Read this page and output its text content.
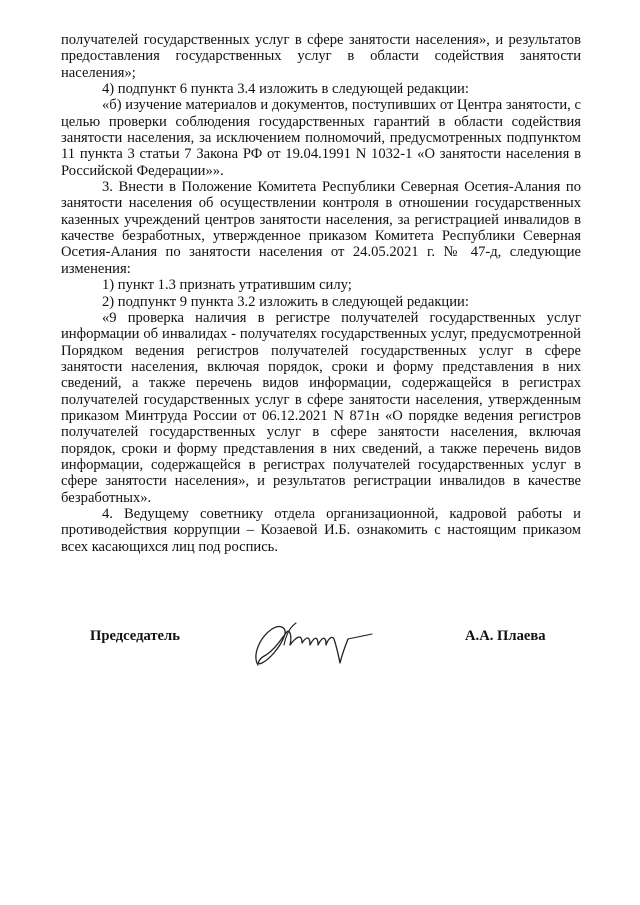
получателей государственных услуг в сфере занятости населения», и результатов предоставления государственных услуг в области содействия занятости населения»;

4) подпункт 6 пункта 3.4 изложить в следующей редакции:

«б) изучение материалов и документов, поступивших от Центра занятости, с целью проверки соблюдения государственных гарантий в области содействия занятости населения, за исключением полномочий, предусмотренных подпунктом 11 пункта 3 статьи 7 Закона РФ от 19.04.1991 N 1032-1 «О занятости населения в Российской Федерации»».

3. Внести в Положение Комитета Республики Северная Осетия-Алания по занятости населения об осуществлении контроля в отношении государственных казенных учреждений центров занятости населения, за регистрацией инвалидов в качестве безработных, утвержденное приказом Комитета Республики Северная Осетия-Алания по занятости населения от 24.05.2021 г. № 47-д, следующие изменения:

1) пункт 1.3 признать утратившим силу;

2) подпункт 9 пункта 3.2 изложить в следующей редакции:

«9 проверка наличия в регистре получателей государственных услуг информации об инвалидах - получателях государственных услуг, предусмотренной Порядком ведения регистров получателей государственных услуг в сфере занятости населения, включая порядок, сроки и форму представления в них сведений, а также перечень видов информации, содержащейся в регистрах получателей государственных услуг в сфере занятости населения, утвержденным приказом Минтруда России от 06.12.2021 N 871н «О порядке ведения регистров получателей государственных услуг в сфере занятости населения, включая порядок, сроки и форму представления в них сведений, а также перечень видов информации, содержащейся в регистрах получателей государственных услуг в сфере занятости населения», и результатов регистрации инвалидов в качестве безработных».

4. Ведущему советнику отдела организационной, кадровой работы и противодействия коррупции – Козаевой И.Б. ознакомить с настоящим приказом всех касающихся лиц под роспись.

Председатель	А.А. Плаева
